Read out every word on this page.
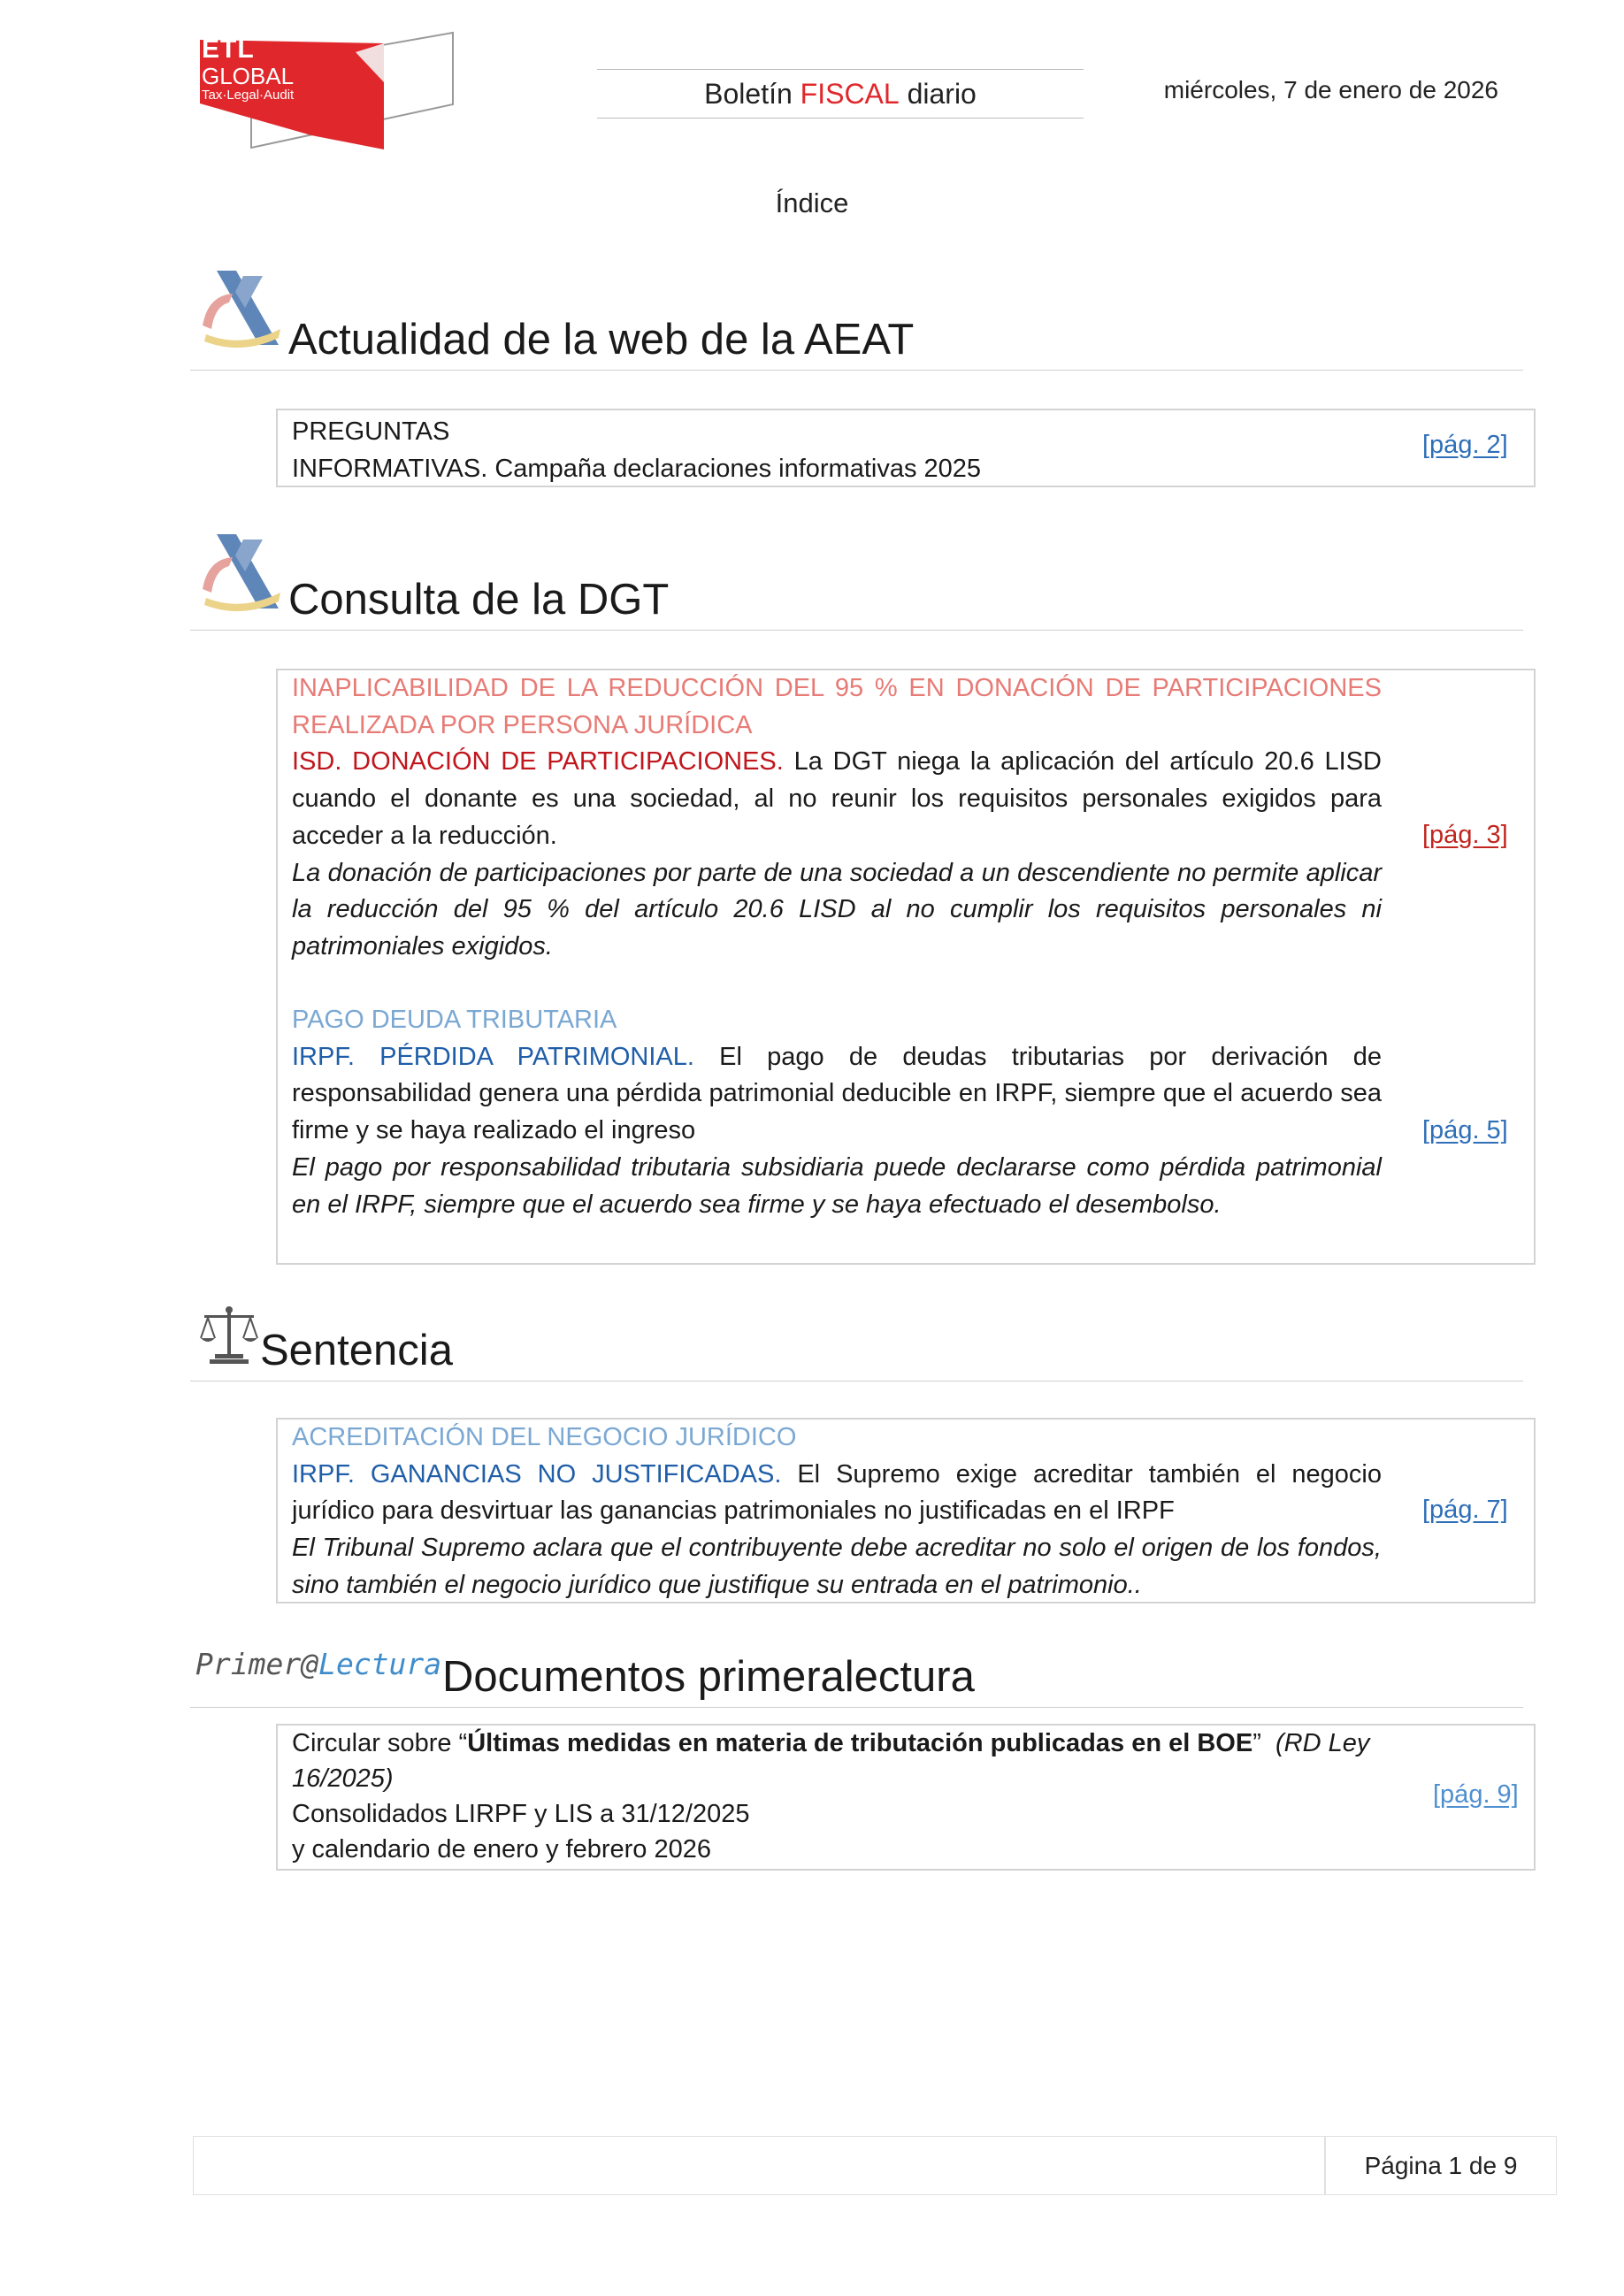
ETL
GLOBAL
Tax·Legal·Audit	Boletín FISCAL diario	miércoles, 7 de enero de 2026
Índice
Actualidad de la web de la AEAT

PREGUNTAS

INFORMATIVAS. Campaña declaraciones informativas 2025

[pág. 2]
Consulta de la DGT

INAPLICABILIDAD DE LA REDUCCIÓN DEL 95 % EN DONACIÓN DE PARTICIPACIONES REALIZADA POR PERSONA JURÍDICA

ISD. DONACIÓN DE PARTICIPACIONES. La DGT niega la aplicación del artículo 20.6 LISD cuando el donante es una sociedad, al no reunir los requisitos personales exigidos para acceder a la reducción.

La donación de participaciones por parte de una sociedad a un descendiente no permite aplicar la reducción del 95 % del artículo 20.6 LISD al no cumplir los requisitos personales ni patrimoniales exigidos.

[pág. 3]

PAGO DEUDA TRIBUTARIA

IRPF. PÉRDIDA PATRIMONIAL. El pago de deudas tributarias por derivación de responsabilidad genera una pérdida patrimonial deducible en IRPF, siempre que el acuerdo sea firme y se haya realizado el ingreso

El pago por responsabilidad tributaria subsidiaria puede declararse como pérdida patrimonial en el IRPF, siempre que el acuerdo sea firme y se haya efectuado el desembolso.

[pág. 5]
Sentencia

ACREDITACIÓN DEL NEGOCIO JURÍDICO

IRPF. GANANCIAS NO JUSTIFICADAS. El Supremo exige acreditar también el negocio jurídico para desvirtuar las ganancias patrimoniales no justificadas en el IRPF

El Tribunal Supremo aclara que el contribuyente debe acreditar no solo el origen de los fondos, sino también el negocio jurídico que justifique su entrada en el patrimonio..

[pág. 7]
Primer@Lectura Documentos primeralectura

Circular sobre “Últimas medidas en materia de tributación publicadas en el BOE”  (RD Ley 16/2025)

Consolidados LIRPF y LIS a 31/12/2025

y calendario de enero y febrero 2026

[pág. 9]
Página 1 de 9
